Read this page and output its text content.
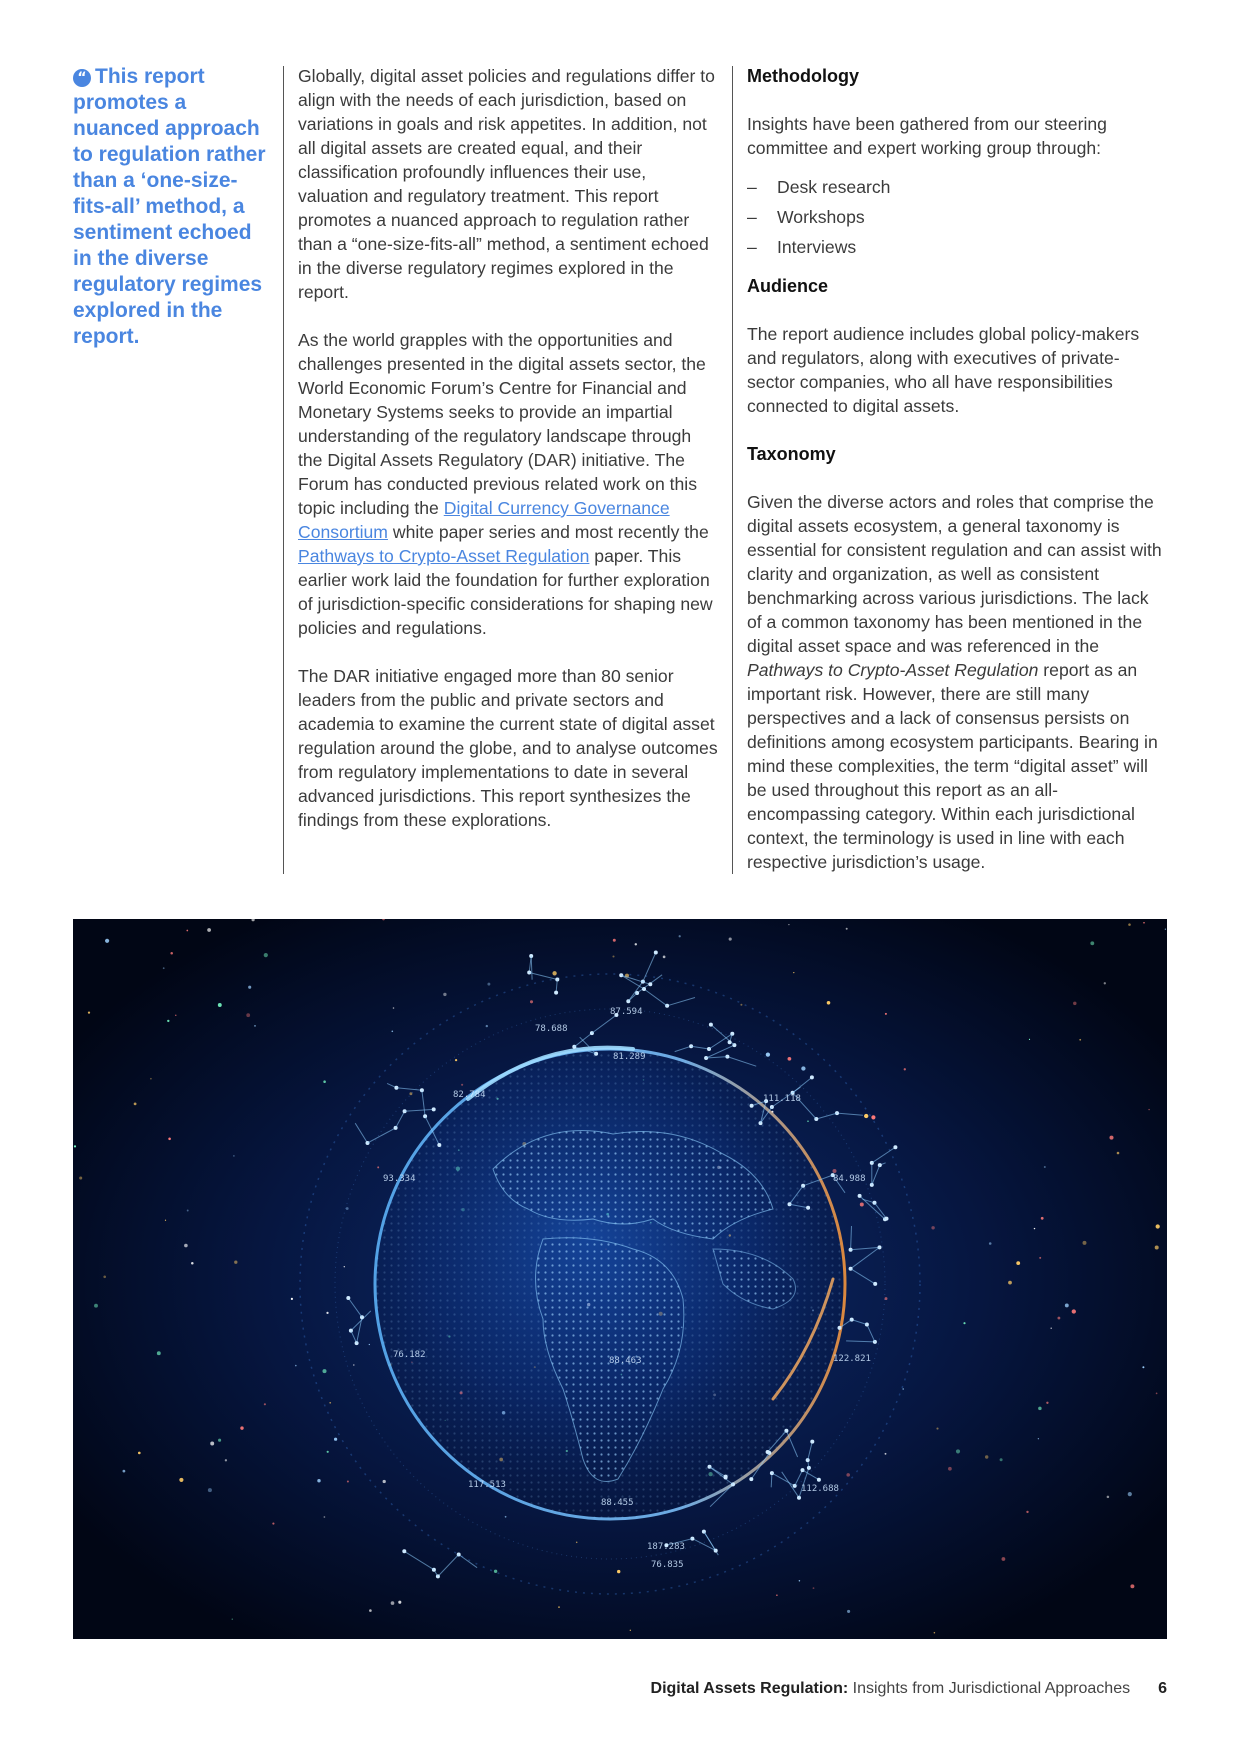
“ This report promotes a nuanced approach to regulation rather than a ‘one-size-fits-all’ method, a sentiment echoed in the diverse regulatory regimes explored in the report.

Globally, digital asset policies and regulations differ to align with the needs of each jurisdiction, based on variations in goals and risk appetites. In addition, not all digital assets are created equal, and their classification profoundly influences their use, valuation and regulatory treatment. This report promotes a nuanced approach to regulation rather than a “one-size-fits-all” method, a sentiment echoed in the diverse regulatory regimes explored in the report.

As the world grapples with the opportunities and challenges presented in the digital assets sector, the World Economic Forum’s Centre for Financial and Monetary Systems seeks to provide an impartial understanding of the regulatory landscape through the Digital Assets Regulatory (DAR) initiative. The Forum has conducted previous related work on this topic including the Digital Currency Governance Consortium white paper series and most recently the Pathways to Crypto-Asset Regulation paper. This earlier work laid the foundation for further exploration of jurisdiction-specific considerations for shaping new policies and regulations.

The DAR initiative engaged more than 80 senior leaders from the public and private sectors and academia to examine the current state of digital asset regulation around the globe, and to analyse outcomes from regulatory implementations to date in several advanced jurisdictions. This report synthesizes the findings from these explorations.

Methodology

Insights have been gathered from our steering committee and expert working group through:

– Desk research
– Workshops
– Interviews
Audience

The report audience includes global policy-makers and regulators, along with executives of private-sector companies, who all have responsibilities connected to digital assets.

Taxonomy

Given the diverse actors and roles that comprise the digital assets ecosystem, a general taxonomy is essential for consistent regulation and can assist with clarity and organization, as well as consistent benchmarking across various jurisdictions. The lack of a common taxonomy has been mentioned in the digital asset space and was referenced in the Pathways to Crypto-Asset Regulation report as an important risk. However, there are still many perspectives and a lack of consensus persists on definitions among ecosystem participants. Bearing in mind these complexities, the term “digital asset” will be used throughout this report as an all-encompassing category. Within each jurisdictional context, the terminology is used in line with each respective jurisdiction’s usage.

87.594
78.688
81.289
82.784	111.118
93.334	84.988
76.182	122.821
88.463
117.513
88.455
112.688
76.835
187.283
Digital Assets Regulation: Insights from Jurisdictional Approaches 6
